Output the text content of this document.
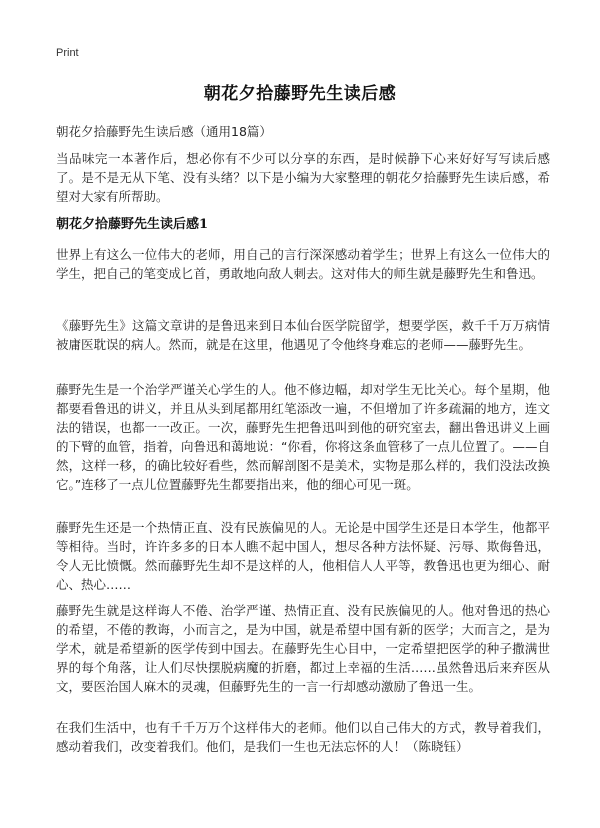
Print
朝花夕拾藤野先生读后感
朝花夕拾藤野先生读后感（通用18篇）

当品味完一本著作后，想必你有不少可以分享的东西，是时候静下心来好好写写读后感了。是不是无从下笔、没有头绪？以下是小编为大家整理的朝花夕拾藤野先生读后感，希望对大家有所帮助。

朝花夕拾藤野先生读后感1

世界上有这么一位伟大的老师，用自己的言行深深感动着学生；世界上有这么一位伟大的学生，把自己的笔变成匕首，勇敢地向敌人刺去。这对伟大的师生就是藤野先生和鲁迅。

《藤野先生》这篇文章讲的是鲁迅来到日本仙台医学院留学，想要学医，救千千万万病情被庸医耽误的病人。然而，就是在这里，他遇见了令他终身难忘的老师——藤野先生。

藤野先生是一个治学严谨关心学生的人。他不修边幅，却对学生无比关心。每个星期，他都要看鲁迅的讲义，并且从头到尾都用红笔添改一遍，不但增加了许多疏漏的地方，连文法的错误，也都一一改正。一次，藤野先生把鲁迅叫到他的研究室去，翻出鲁迅讲义上画的下臂的血管，指着，向鲁迅和蔼地说：“你看，你将这条血管移了一点儿位置了。——自然，这样一移，的确比较好看些，然而解剖图不是美术，实物是那么样的，我们没法改换它。”连移了一点儿位置藤野先生都要指出来，他的细心可见一斑。

藤野先生还是一个热情正直、没有民族偏见的人。无论是中国学生还是日本学生，他都平等相待。当时，许许多多的日本人瞧不起中国人，想尽各种方法怀疑、污辱、欺侮鲁迅，令人无比愤慨。然而藤野先生却不是这样的人，他相信人人平等，教鲁迅也更为细心、耐心、热心……

藤野先生就是这样诲人不倦、治学严谨、热情正直、没有民族偏见的人。他对鲁迅的热心的希望，不倦的教诲，小而言之，是为中国，就是希望中国有新的医学；大而言之，是为学术，就是希望新的医学传到中国去。在藤野先生心目中，一定希望把医学的种子撒满世界的每个角落，让人们尽快摆脱病魔的折磨，都过上幸福的生活……虽然鲁迅后来弃医从文，要医治国人麻木的灵魂，但藤野先生的一言一行却感动激励了鲁迅一生。

在我们生活中，也有千千万万个这样伟大的老师。他们以自己伟大的方式，教导着我们，感动着我们，改变着我们。他们，是我们一生也无法忘怀的人！（陈晓钰）
